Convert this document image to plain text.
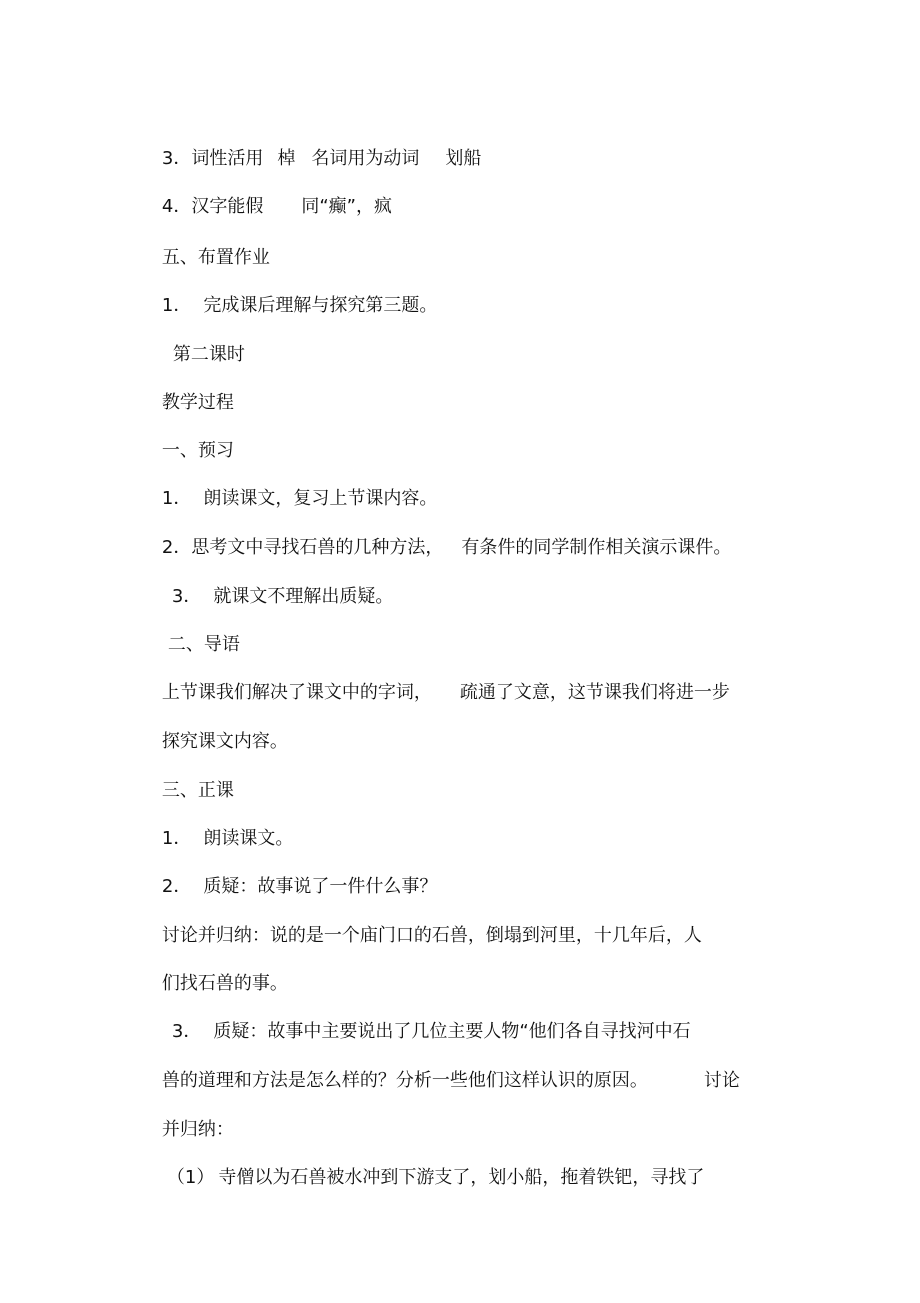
3．词性活用 棹 名词用为动词 划船

4．汉字能假 同“癫”，疯

五、布置作业

1． 完成课后理解与探究第三题。

第二课时

教学过程

一、预习

1． 朗读课文，复习上节课内容。

2．思考文中寻找石兽的几种方法， 有条件的同学制作相关演示课件。

3． 就课文不理解出质疑。

二、导语

上节课我们解决了课文中的字词， 疏通了文意，这节课我们将进一步

探究课文内容。

三、正课

1． 朗读课文。

2． 质疑：故事说了一件什么事？

讨论并归纳：说的是一个庙门口的石兽，倒塌到河里，十几年后，人

们找石兽的事。

3． 质疑：故事中主要说出了几位主要人物“他们各自寻找河中石

兽的道理和方法是怎么样的？分析一些他们这样认识的原因。	讨论

并归纳：

（1） 寺僧以为石兽被水冲到下游支了，划小船，拖着铁钯，寻找了
